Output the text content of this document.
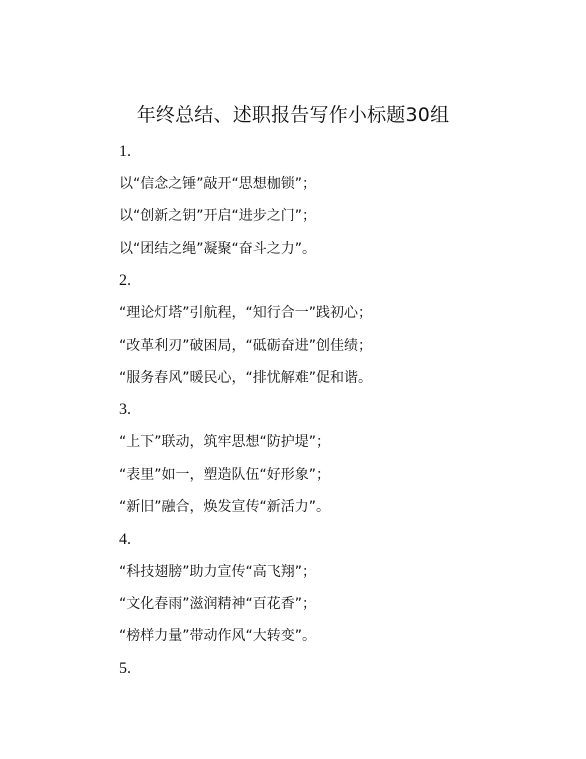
年终总结、述职报告写作小标题30组
1.
以“信念之锤”敲开“思想枷锁”；
以“创新之钥”开启“进步之门”；
以“团结之绳”凝聚“奋斗之力”。
2.
“理论灯塔”引航程，“知行合一”践初心；
“改革利刃”破困局，“砥砺奋进”创佳绩；
“服务春风”暖民心，“排忧解难”促和谐。
3.
“上下”联动，筑牢思想“防护堤”；
“表里”如一，塑造队伍“好形象”；
“新旧”融合，焕发宣传“新活力”。
4.
“科技翅膀”助力宣传“高飞翔”；
“文化春雨”滋润精神“百花香”；
“榜样力量”带动作风“大转变”。
5.
